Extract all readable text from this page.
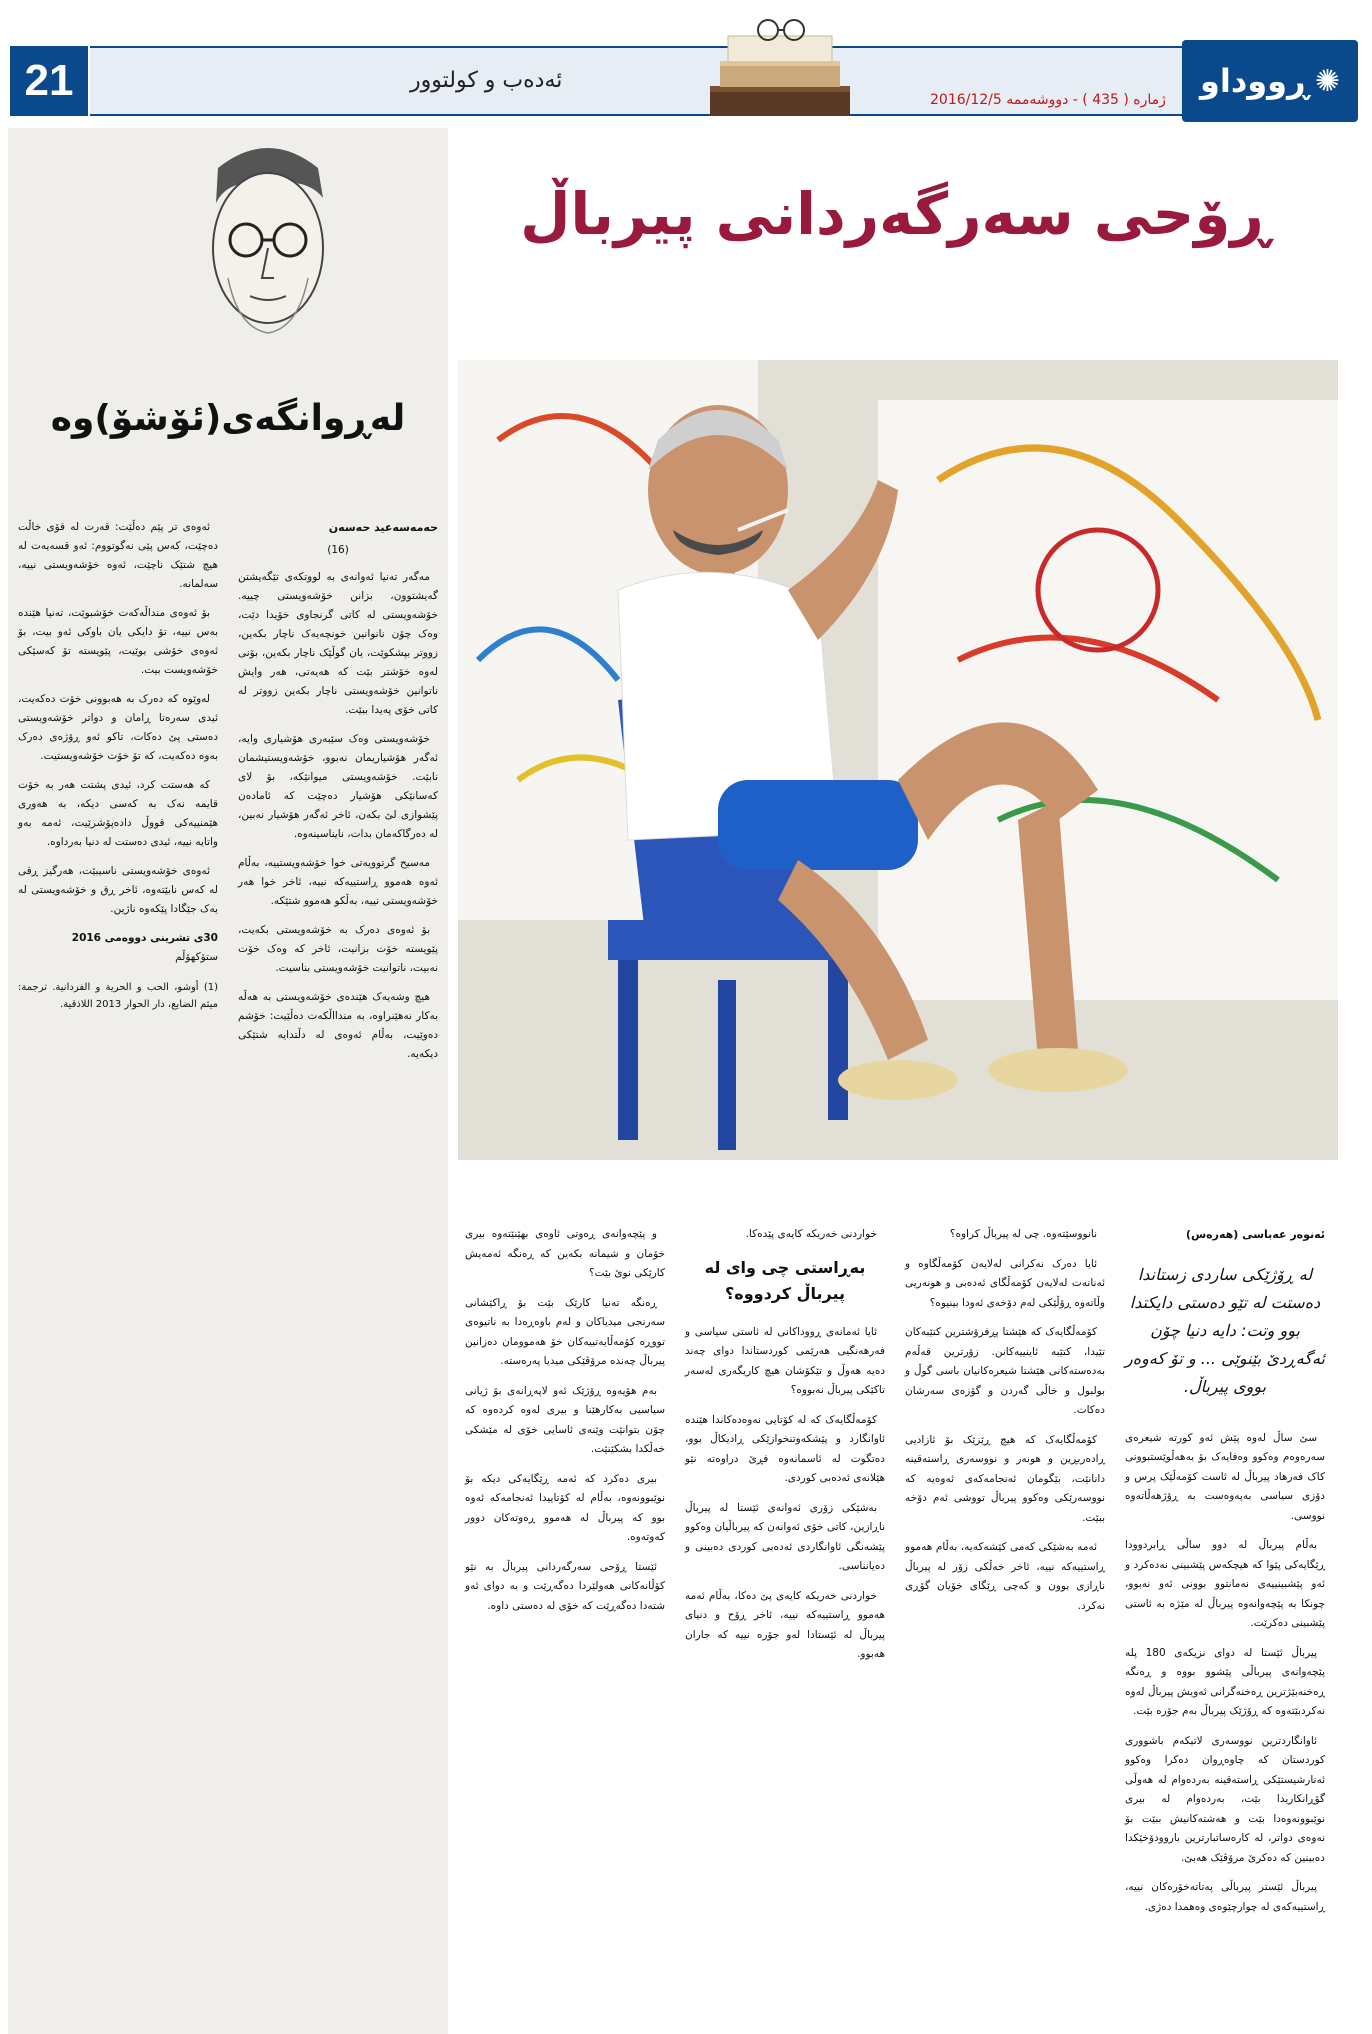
21	ئەدەب و کولتوور
ژمارە ( 435 ) - دووشەممە 2016/12/5 ڕووداو ✺
لەڕوانگەی(ئۆشۆ)وە
حەمەسەعید حەسەن
(16)

مەگەر تەنیا ئەوانەی بە لووتکەی تێگەیشتن گەیشتوون، بزانن خۆشەویستی چییە. خۆشەویستی لە کاتی گرنجاوی خۆیدا دێت، وەک چۆن نانوانین خونچەیەک ناچار بکەین، زووتر بپشکوێت، یان گوڵێک ناچار بکەین، بۆنی لەوە خۆشتر بێت کە هەیەتی، هەر وایش ناتوانین خۆشەویستی ناچار بکەین زووتر لە کاتی خۆی پەیدا ببێت.

خۆشەویستی وەک سێبەری هۆشیاری وایە، ئەگەر هۆشیاریمان نەبوو، خۆشەویستیشمان نابێت. خۆشەویستی میوانێکە، بۆ لای کەسانێکی هۆشیار دەچێت کە ئامادەن پێشوازی لێ بکەن، ئاخر ئەگەر هۆشیار نەبین، لە دەرگاکەمان بدات، نایناسینەوە.

مەسیح گرتوویەتی خوا خۆشەویستییە، بەڵام ئەوە هەموو ڕاستییەکە نییە، ئاخر خوا هەر خۆشەویستی نییە، بەڵکو هەموو شتێکە.

بۆ ئەوەی دەرک بە خۆشەویستی بکەیت، پێویستە خۆت بزانیت، ئاخر کە وەک خۆت نەبیت، ناتوانیت خۆشەویستی بناسیت.

هیچ وشەیەک هێندەی خۆشەویستی بە هەڵە بەکار نەهێنراوە، بە مندااڵکەت دەڵێیت: خۆشم دەوێیت، بەڵام ئەوەی لە دڵتدایە شتێکی دیکەیە.

ئەوەی تر پێم دەڵێت: قەرت لە قۆی خاڵت دەچێت، کەس پێی نەگوتووم: ئەو قسەیەت لە هیچ شتێک ناچێت، ئەوە خۆشەویستی نییە، سەلمانە.

بۆ ئەوەی منداڵەکەت خۆشبوێت، تەنیا هێندە بەس نییە، تۆ دایکی یان باوکی ئەو بیت، بۆ ئەوەی خۆشی بوێیت، پێویستە تۆ کەسێکی خۆشەویست بیت.

لەوێوە کە دەرک بە هەبوونی خۆت دەکەیت، ئیدی سەرەتا ڕامان و دواتر خۆشەویستی دەستی پێ دەکات، تاکو ئەو ڕۆژەی دەرک بەوە دەکەیت، کە تۆ خۆت خۆشەویستیت.

کە هەستت کرد، ئیدی پشتت هەر بە خۆت قایمە نەک بە کەسی دیکە، بە هەوری هێمنییەکی قووڵ دادەپۆشرێیت، ئەمە بەو واتایە نییە، ئیدی دەستت لە دنیا بەرداوە.

ئەوەی خۆشەویستی ناسیبێت، هەرگیز ڕقی لە کەس نابێتەوە، ئاخر ڕق و خۆشەویستی لە یەک جێگادا پێکەوە ناژین.

30ی تشرینی دووەمی 2016
ستۆکهۆڵم
(1) أوشو، الحب و الحرية و الفردانية. ترجمة: ميثم الضايع، دار الحوار 2013 اللاذقية.
ڕۆحی سەرگەردانی پیرباڵ
ئەنوەر عەباسی (هەرەس)
لە ڕۆژێکی ساردی زستاندا دەستت لە تێو دەستی دایکتدا بوو وتت: دایە دنیا چۆن ئەگەڕدێ بێنوێی ... و تۆ کەوەر بووی پیرباڵ.

سێ ساڵ لەوە پێش ئەو کورتە شیعرەی سەرەوەم وەکوو وەفایەک بۆ بەهەڵوێستبوونی کاک فەرهاد پیرباڵ لە ئاست کۆمەڵێک پرس و دۆزی سیاسی بەپەوەست بە ڕۆژهەڵاتەوە نووسی.

بەڵام پیرباڵ لە دوو ساڵی ڕابردوودا ڕێگایەکی پێوا کە هیچکەس پێشبینی نەدەکرد و ئەو پێشبینییەی نەمانتوو بوونی ئەو نەبوو، چونکا بە پێچەوانەوە پیرباڵ لە مێژە بە ئاستی پێشبینی دەکرێت.

پیرباڵ ئێستا لە دوای نزیکەی 180 پلە پێچەوانەی پیرباڵی پێشوو بووە و ڕەنگە ڕەخنەبێژترین ڕەخنەگرانی ئەویش پیرباڵ لەوە نەکردبێتەوە کە ڕۆژێک پیرباڵ بەم جۆرە بێت.

ئاوانگاردترین نووسەری لاتیکەم باشووری کوردستان کە چاوەڕوان دەکرا وەکوو ئەنارشیستێکی ڕاستەقینە بەردەوام لە هەوڵی گۆڕانکاریدا بێت، بەردەوام لە بیری نوێبوونەوەدا بێت و هەشتەکانیش ببێت بۆ نەوەی دواتر، لە کارەساتبارترین باروودۆخێکدا دەبینین کە دەکرێ مرۆڤێک هەبێ.

پیرباڵ ئێستر پیرباڵی پەتاتەخۆرەکان نییە، ڕاستییەکەی لە چوارچێوەی وەهمدا دەژی.

نانووسێتەوە. چی لە پیرباڵ کراوە؟

ئایا دەرک نەکرانی لەلایەن کۆمەڵگاوە و ئەنانەت لەلایەن کۆمەڵگای ئەدەبی و هونەریی وڵاتەوە ڕۆڵێکی لەم دۆخەی ئەودا بینیوە؟

کۆمەڵگایەک کە هێشتا پڕفرۆشترین کتێبەکان تێیدا، کتێبە ئاینییەکانن. زۆرترین قەڵەم بەدەستەکانی هێشتا شیعرەکانیان باسی گوڵ و بولبول و خاڵی گەردن و گۆزەی سەرشان دەکات.

کۆمەڵگایەک کە هیچ ڕێزێک بۆ ئازادیی ڕادەربڕین و هونەر و نووسەری ڕاستەقینە دانانێت، بێگومان ئەنجامەکەی ئەوەیە کە نووسەرێکی وەکوو پیرباڵ تووشی ئەم دۆخە ببێت.

ئەمە بەشێکی کەمی کێشەکەیە، بەڵام هەموو ڕاستییەکە نییە، ئاخر خەڵکی زۆر لە پیرباڵ ناڕازی بوون و کەچی ڕێگای خۆیان گۆڕی نەکرد.

خواردنی خەریکە کایەی پێدەکا.

بەڕاستی چی وای لە پیرباڵ کردووە؟

ئایا ئەمانەی ڕووداکانی لە ئاستی سیاسی و فەرهەنگیی هەرێمی کوردستاندا دوای چەند دەیە هەوڵ و تێکۆشان هیچ کاریگەری لەسەر تاکێکی پیرباڵ نەبووە؟

کۆمەڵگایەک کە لە کۆتایی نەوەدەکاندا هێندە ئاوانگارد و پێشکەوتنخوازێکی ڕادیکاڵ بوو، دەتگوت لە ئاسمانەوە فڕێ دراوەتە نێو هێلانەی ئەدەبی کوردی.

بەشێکی زۆری ئەوانەی ئێستا لە پیرباڵ ناڕازین، کاتی خۆی ئەوانەن کە پیرباڵیان وەکوو پێشەنگی ئاوانگاردی ئەدەبی کوردی دەبینی و دەیانناسی.

خواردنی خەریکە کایەی پێ دەکا، بەڵام ئەمە هەموو ڕاستییەکە نییە، ئاخر ڕۆح و دنیای پیرباڵ لە ئێستادا لەو جۆرە نییە کە جاران هەبوو.

و پێچەوانەی ڕەوتی ئاوەی بهێنێتەوە بیری خۆمان و شیمانە بکەین کە ڕەنگە ئەمەیش کارێکی نوێ بێت؟

ڕەنگە تەنیا کارێک بێت بۆ ڕاکێشانی سەرنجی میدیاکان و لەم باوەڕەدا بە ناتیوەی تووڕە کۆمەڵایەتییەکان خۆ هەموومان دەزانین پیرباڵ چەندە مرۆڤێکی میدیا پەرەستە.

بەم هۆیەوە ڕۆژێک ئەو لاپەڕانەی بۆ ژیانی سیاسیی بەکارهێنا و بیری لەوە کردەوە کە چۆن بتوانێت وێنەی ئاسایی خۆی لە مێشکی خەڵکدا بشکێنێت.

بیری دەکرد کە ئەمە ڕێگایەکی دیکە بۆ نوێبوونەوە، بەڵام لە کۆتاییدا ئەنجامەکە ئەوە بوو کە پیرباڵ لە هەموو ڕەوتەکان دوور کەوتەوە.

ئێستا ڕۆحی سەرگەردانی پیرباڵ بە نێو کۆڵانەکانی هەولێردا دەگەڕێت و بە دوای ئەو شتەدا دەگەڕێت کە خۆی لە دەستی داوە.
